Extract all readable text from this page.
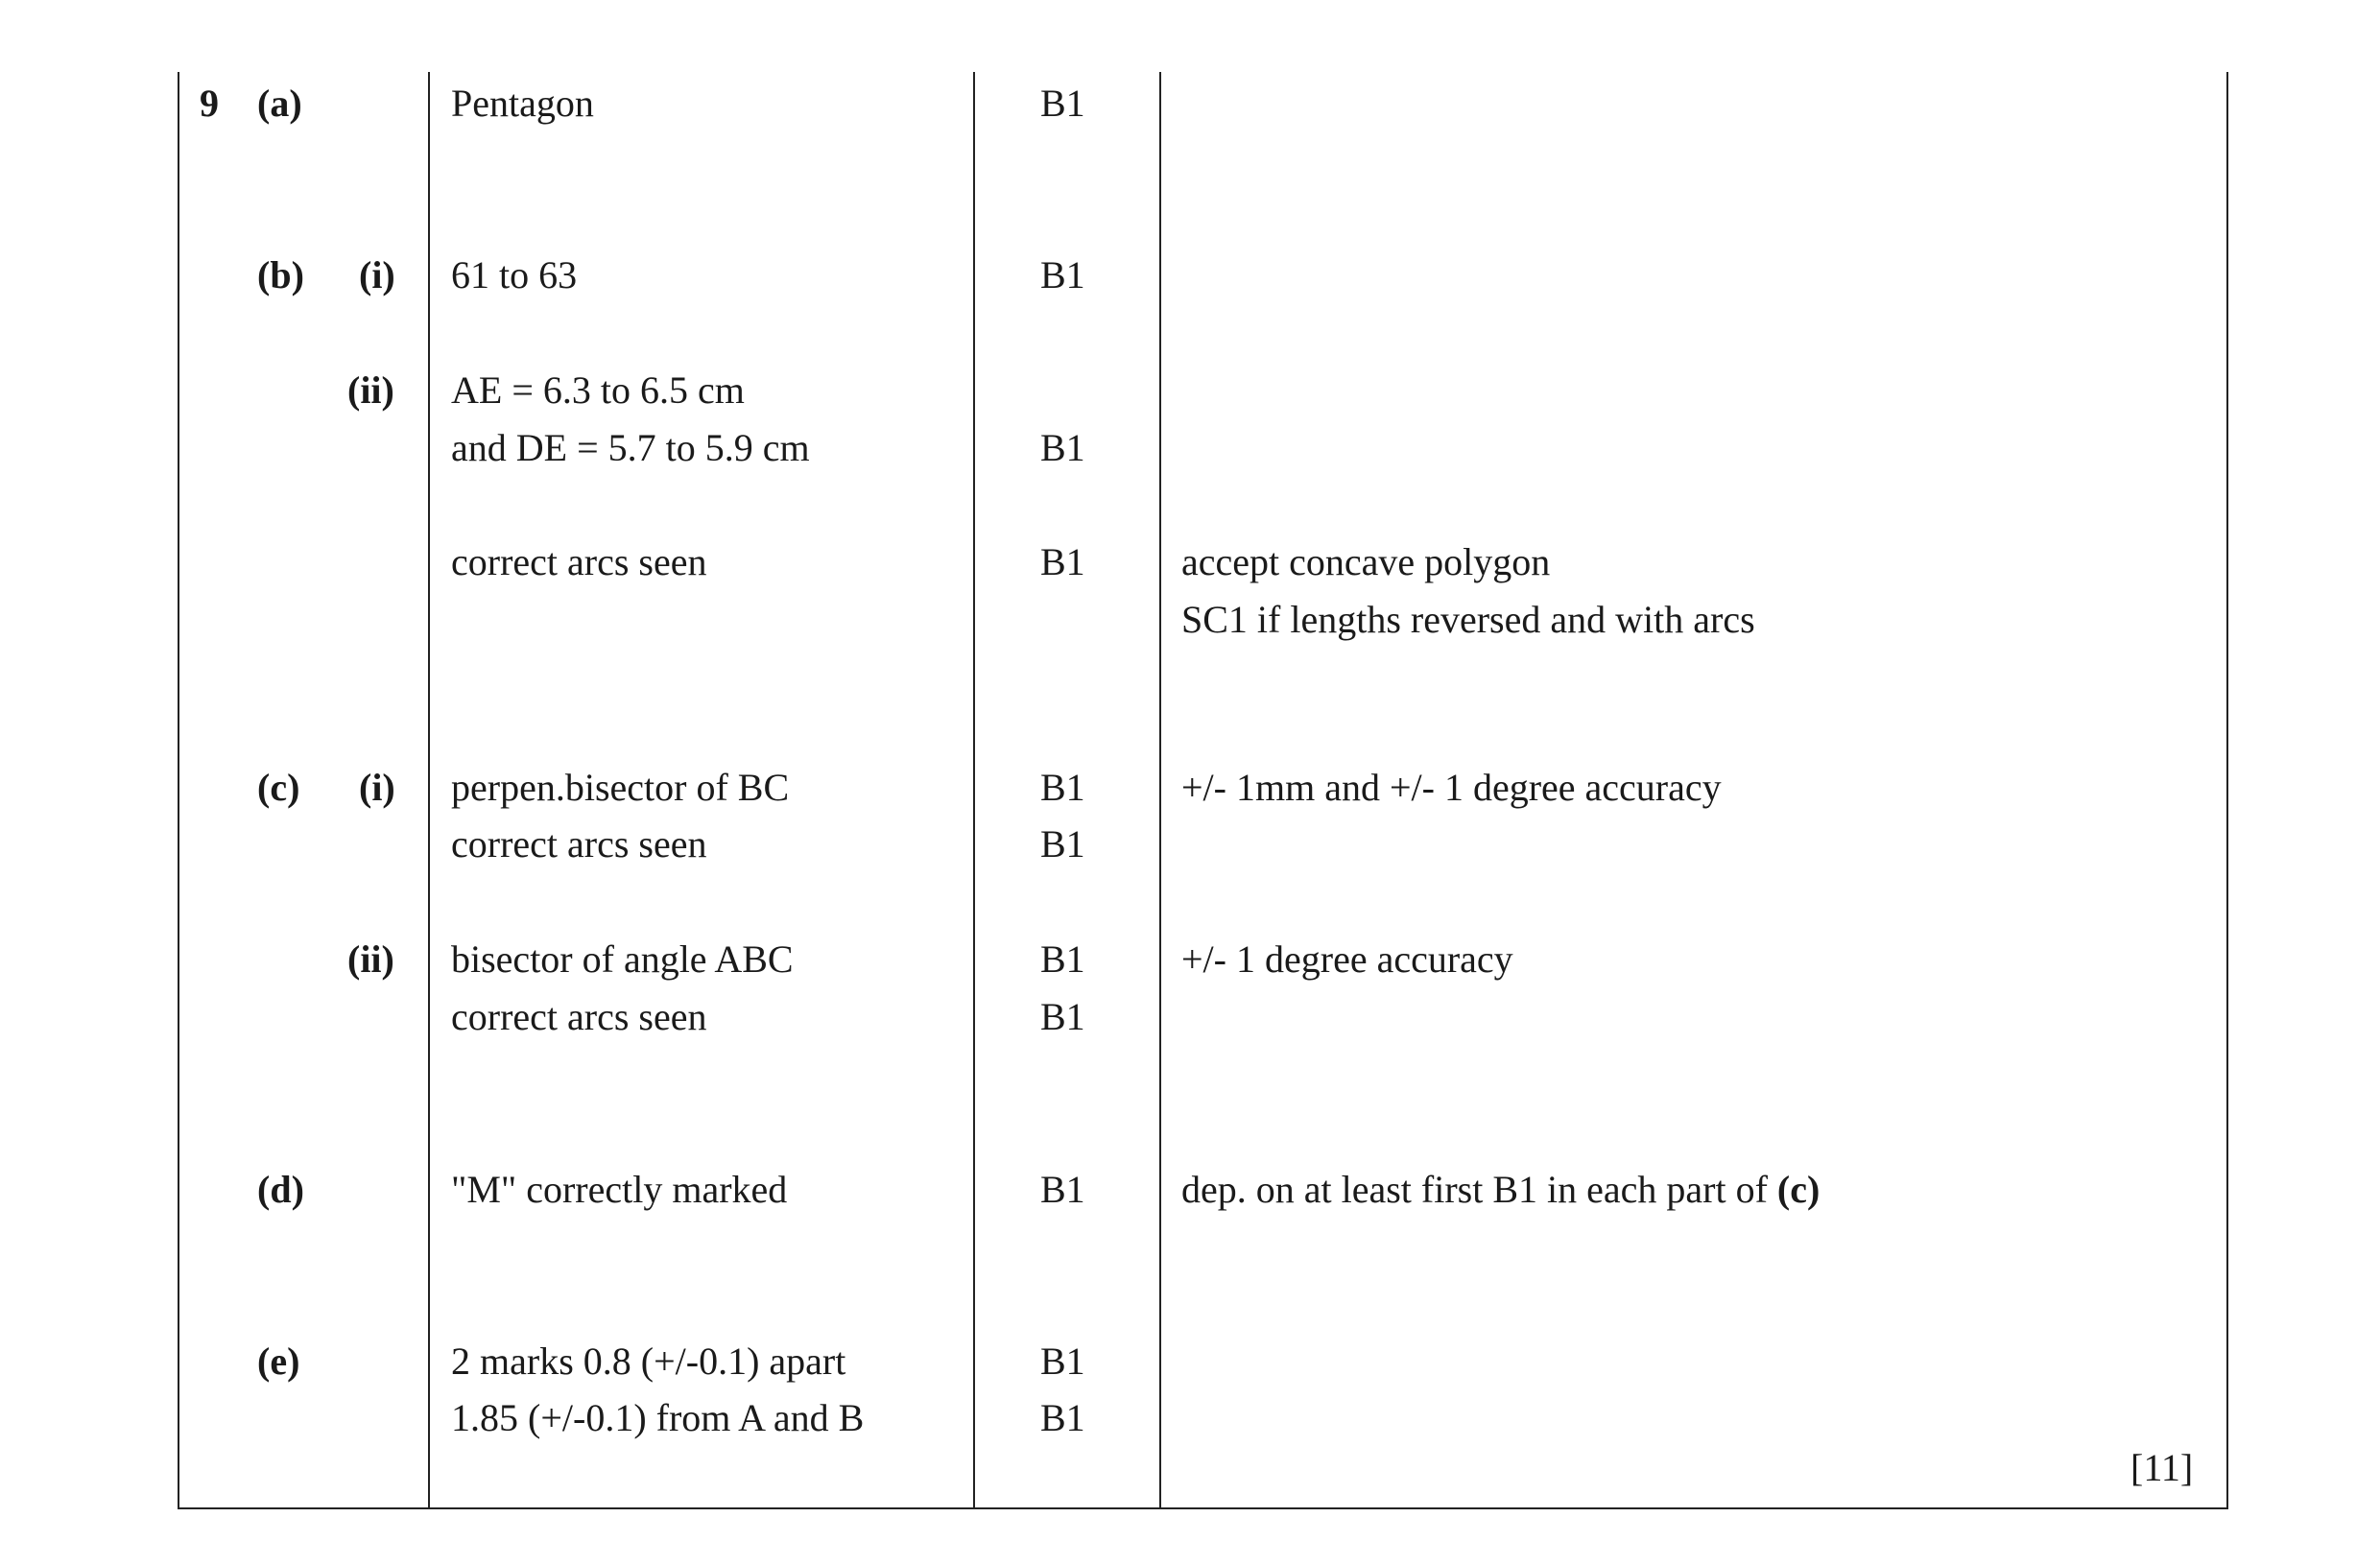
9 (a)
(b) (i)
(ii)
(c) (i)
(ii)
(d)
(e)
Pentagon
61 to 63
AE = 6.3 to 6.5 cm
and DE = 5.7 to 5.9 cm
correct arcs seen
perpen.bisector of BC
correct arcs seen
bisector of angle ABC
correct arcs seen
"M" correctly marked
2 marks 0.8 (+/-0.1) apart
1.85 (+/-0.1) from A and B
B1
B1
B1
B1
B1
B1
B1
B1
B1
B1
B1
accept concave polygon
SC1 if lengths reversed and with arcs
+/- 1mm and +/- 1 degree accuracy
+/- 1 degree accuracy
dep. on at least first B1 in each part of (c)
[11]
